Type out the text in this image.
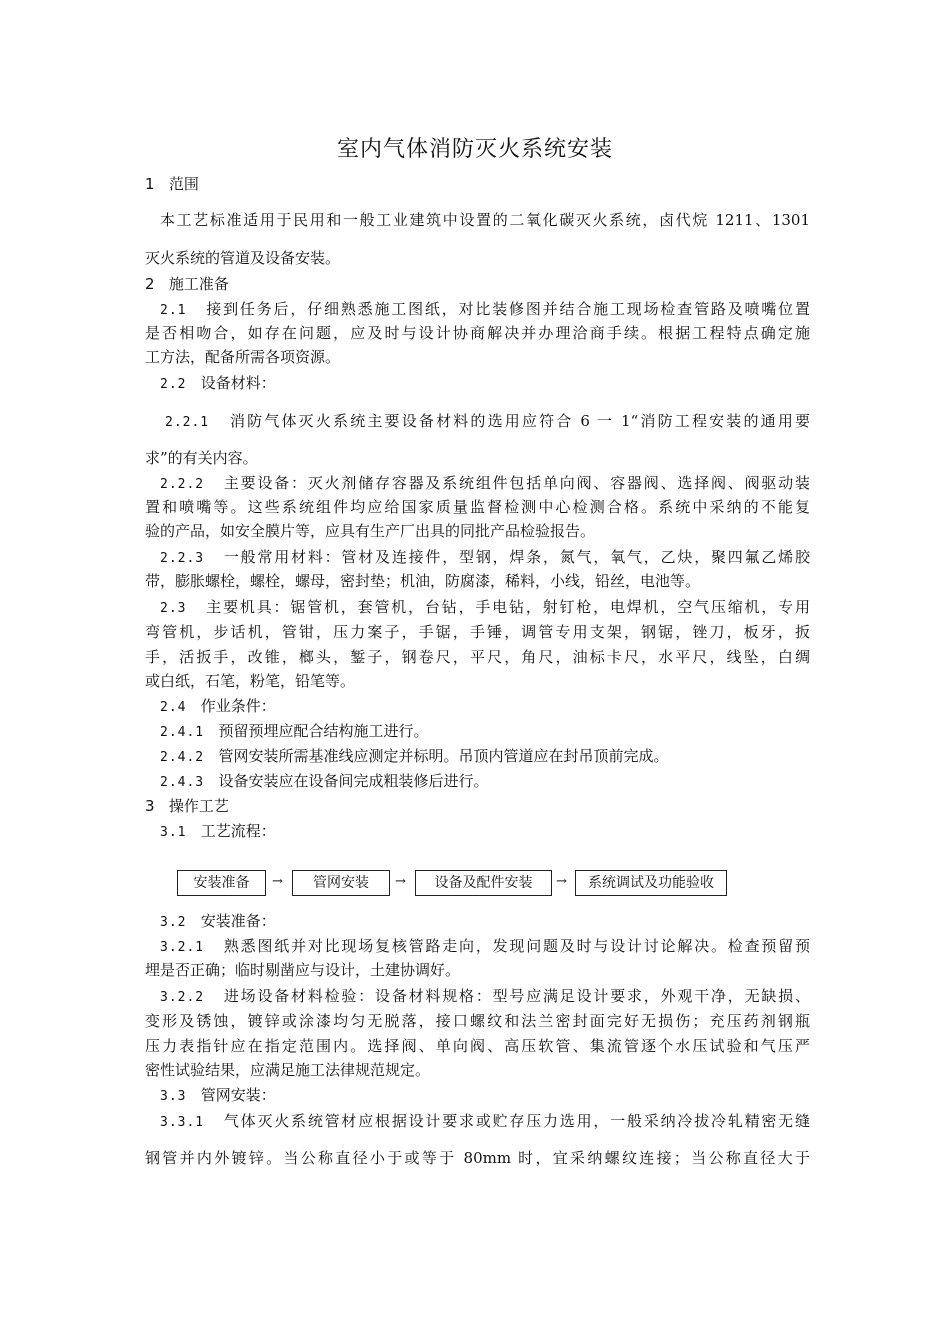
室内气体消防灭火系统安装
1 范围
本工艺标准适用于民用和一般工业建筑中设置的二氧化碳灭火系统，卤代烷 1211、1301
灭火系统的管道及设备安装。
2 施工准备
2.1 接到任务后，仔细熟悉施工图纸，对比装修图并结合施工现场检查管路及喷嘴位置
是否相吻合，如存在问题，应及时与设计协商解决并办理洽商手续。根据工程特点确定施
工方法，配备所需各项资源。
2.2 设备材料：
2.2.1 消防气体灭火系统主要设备材料的选用应符合 6 一 1“消防工程安装的通用要
求”的有关内容。
2.2.2 主要设备：灭火剂储存容器及系统组件包括单向阀、容器阀、选择阀、阀驱动装
置和喷嘴等。这些系统组件均应给国家质量监督检测中心检测合格。系统中采纳的不能复
验的产品，如安全膜片等，应具有生产厂出具的同批产品检验报告。
2.2.3 一般常用材料：管材及连接件，型钢，焊条，氮气，氧气，乙炔，聚四氟乙烯胶
带，膨胀螺栓，螺栓，螺母，密封垫；机油，防腐漆，稀料，小线，铅丝，电池等。
2.3 主要机具：锯管机，套管机，台钻，手电钻，射钉枪，电焊机，空气压缩机，专用
弯管机，步话机，管钳，压力案子，手锯，手锤，调管专用支架，钢锯，锉刀，板牙，扳
手，活扳手，改锥，榔头，錾子，钢卷尺，平尺，角尺，油标卡尺，水平尺，线坠，白绸
或白纸，石笔，粉笔，铅笔等。
2.4 作业条件：
2.4.1 预留预埋应配合结构施工进行。
2.4.2 管网安装所需基准线应测定并标明。吊顶内管道应在封吊顶前完成。
2.4.3 设备安装应在设备间完成粗装修后进行。
3 操作工艺
3.1 工艺流程：
安装准备	→	管网安装	→	设备及配件安装	→	系统调试及功能验收
3.2 安装准备：
3.2.1 熟悉图纸并对比现场复核管路走向，发现问题及时与设计讨论解决。检查预留预
埋是否正确；临时剔凿应与设计，土建协调好。
3.2.2 进场设备材料检验：设备材料规格：型号应满足设计要求，外观干净，无缺损、
变形及锈蚀，镀锌或涂漆均匀无脱落，接口螺纹和法兰密封面完好无损伤；充压药剂钢瓶
压力表指针应在指定范围内。选择阀、单向阀、高压软管、集流管逐个水压试验和气压严
密性试验结果，应满足施工法律规范规定。
3.3 管网安装：
3.3.1 气体灭火系统管材应根据设计要求或贮存压力选用，一般采纳冷拔冷轧精密无缝
钢管并内外镀锌。当公称直径小于或等于 80mm 时，宜采纳螺纹连接；当公称直径大于
